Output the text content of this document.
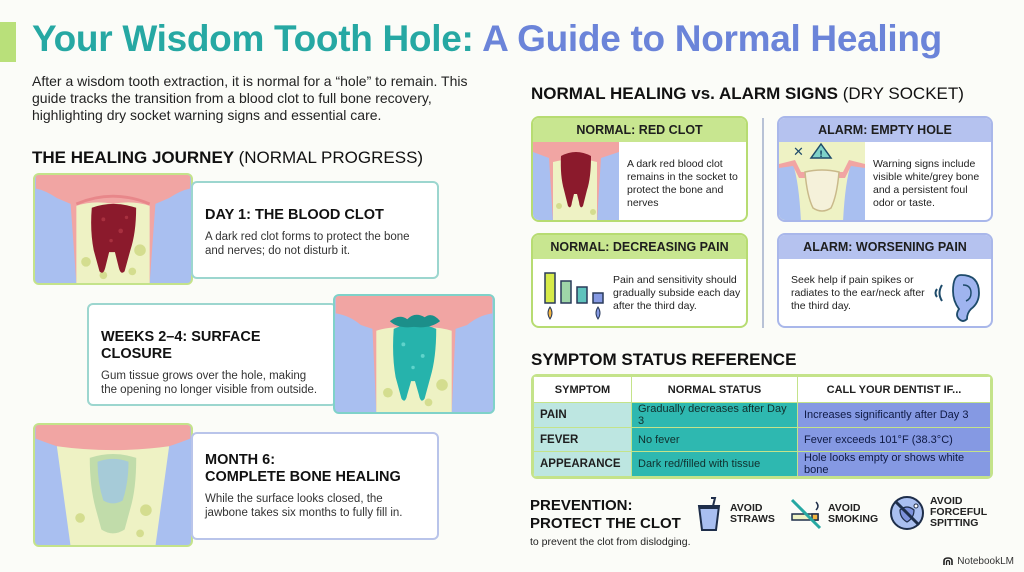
Your Wisdom Tooth Hole: A Guide to Normal Healing

After a wisdom tooth extraction, it is normal for a “hole” to remain. This guide tracks the transition from a blood clot to full bone recovery, highlighting dry socket warning signs and essential care.

THE HEALING JOURNEY (NORMAL PROGRESS)
DAY 1: THE BLOOD CLOT
A dark red clot forms to protect the bone and nerves; do not disturb it.
WEEKS 2–4: SURFACE CLOSURE
Gum tissue grows over the hole, making the opening no longer visible from outside.
MONTH 6:
COMPLETE BONE HEALING
While the surface looks closed, the jawbone takes six months to fully fill in.
NORMAL HEALING vs. ALARM SIGNS (DRY SOCKET)
NORMAL: RED CLOT
A dark red blood clot remains in the socket to protect the bone and nerves
ALARM: EMPTY HOLE
✕ !
Warning signs include visible white/grey bone and a persistent foul odor or taste.
NORMAL: DECREASING PAIN
Pain and sensitivity should gradually subside each day after the third day.
ALARM: WORSENING PAIN
Seek help if pain spikes or radiates to the ear/neck after the third day.
SYMPTOM STATUS REFERENCE
SYMPTOM	NORMAL STATUS	CALL YOUR DENTIST IF...
PAIN	Gradually decreases after Day 3	Increases significantly after Day 3
FEVER	No fever	Fever exceeds 101°F (38.3°C)
APPEARANCE	Dark red/filled with tissue	Hole looks empty or shows white bone
PREVENTION:
PROTECT THE CLOT
to prevent the clot from dislodging.
AVOID
STRAWS
AVOID
SMOKING
AVOID
FORCEFUL
SPITTING
NotebookLM
